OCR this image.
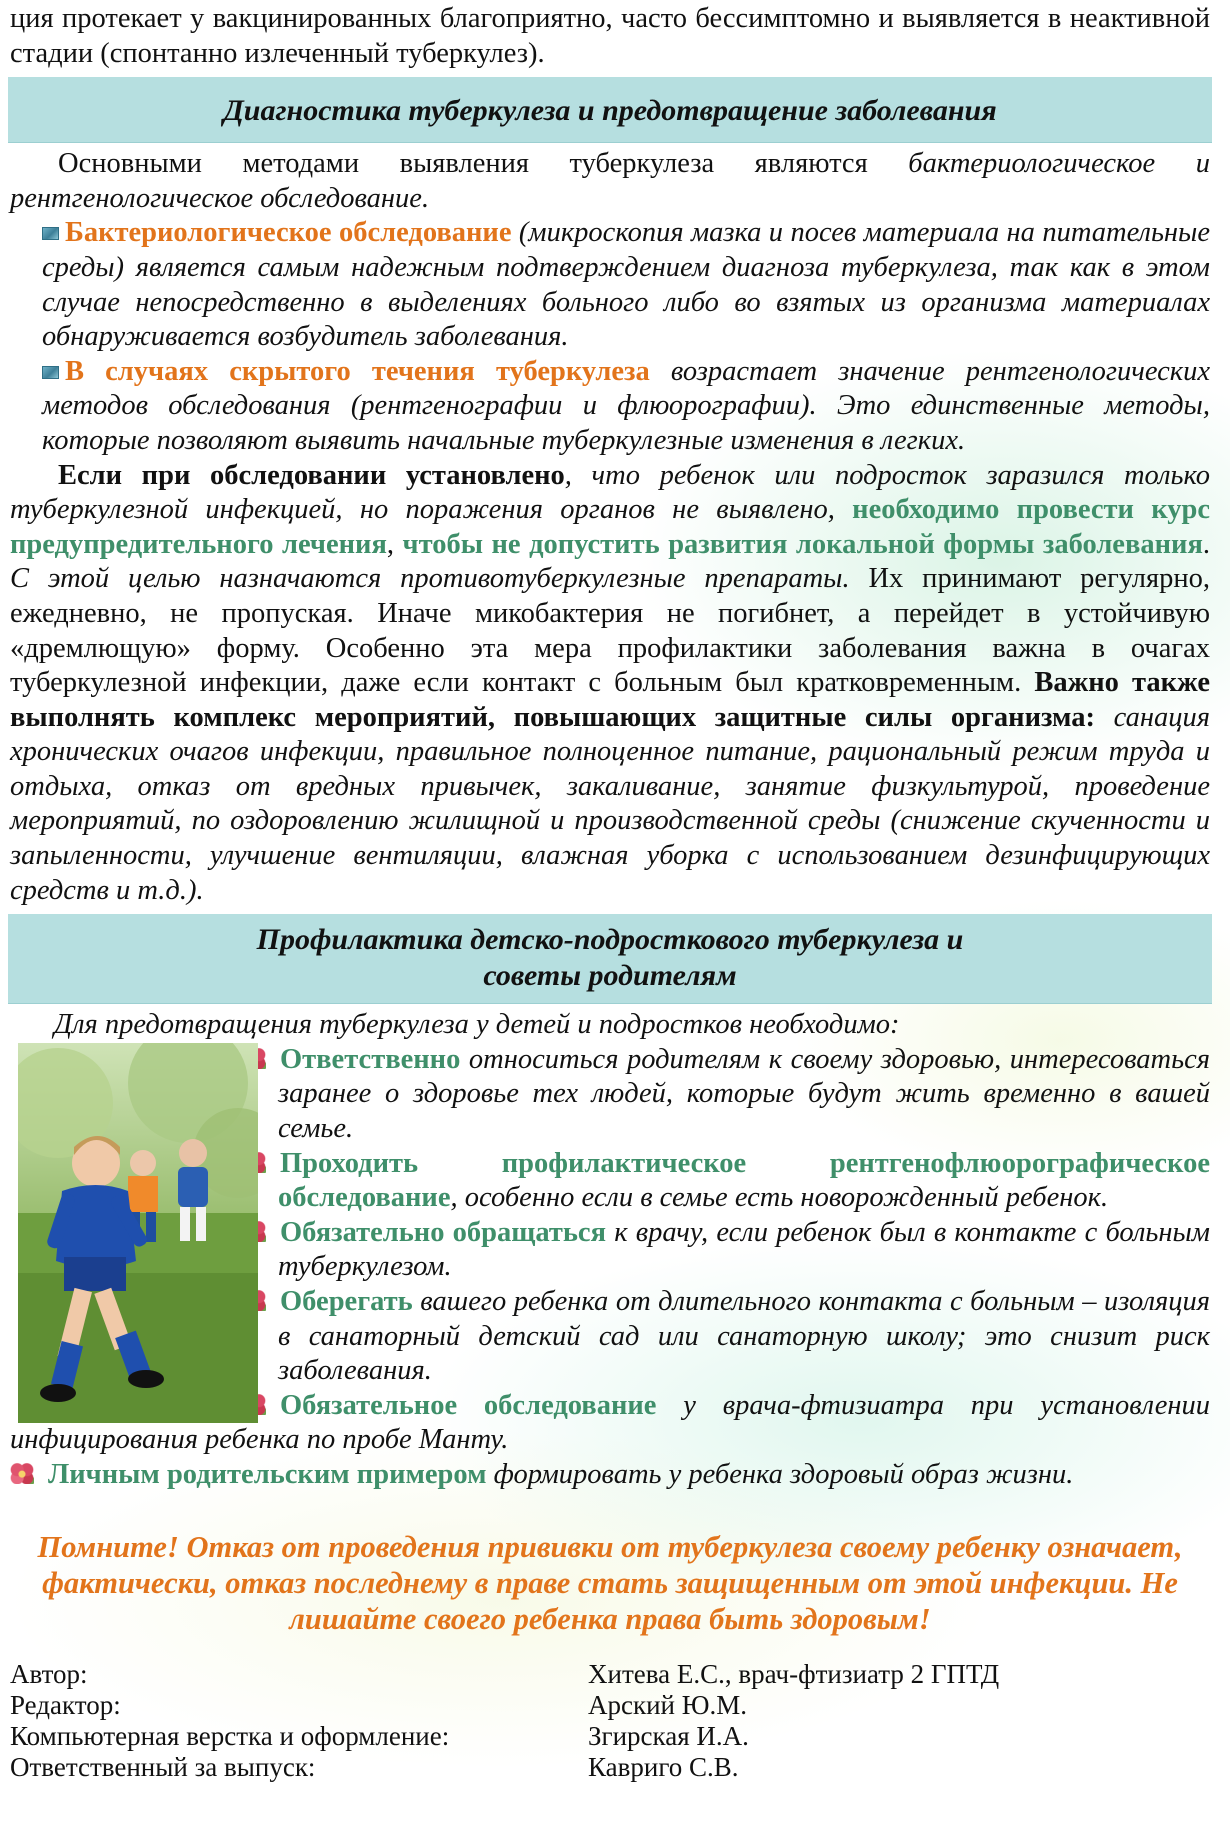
ция протекает у вакцинированных благоприятно, часто бессимптомно и выявляется в неактивной стадии (спонтанно излеченный туберкулез).

Диагностика туберкулеза и предотвращение заболевания

Основными методами выявления туберкулеза являются бактериологическое и рентгенологическое обследование.

Бактериологическое обследование (микроскопия мазка и посев материала на питательные среды) является самым надежным подтверждением диагноза туберкулеза, так как в этом случае непосредственно в выделениях больного либо во взятых из организма материалах обнаруживается возбудитель заболевания.

В случаях скрытого течения туберкулеза возрастает значение рентгенологических методов обследования (рентгенографии и флюорографии). Это единственные методы, которые позволяют выявить начальные туберкулезные изменения в легких.

Если при обследовании установлено, что ребенок или подросток заразился только туберкулезной инфекцией, но поражения органов не выявлено, необходимо провести курс предупредительного лечения, чтобы не допустить развития локальной формы заболевания. С этой целью назначаются противотуберкулезные препараты. Их принимают регулярно, ежедневно, не пропуская. Иначе микобактерия не погибнет, а перейдет в устойчивую «дремлющую» форму. Особенно эта мера профилактики заболевания важна в очагах туберкулезной инфекции, даже если контакт с больным был кратковременным. Важно также выполнять комплекс мероприятий, повышающих защитные силы организма: санация хронических очагов инфекции, правильное полноценное питание, рациональный режим труда и отдыха, отказ от вредных привычек, закаливание, занятие физкультурой, проведение мероприятий, по оздоровлению жилищной и производственной среды (снижение скученности и запыленности, улучшение вентиляции, влажная уборка с использованием дезинфицирующих средств и т.д.).

Профилактика детско-подросткового туберкулеза и
советы родителям

Для предотвращения туберкулеза у детей и подростков необходимо:

Ответственно относиться родителям к своему здоровью, интересоваться заранее о здоровье тех людей, которые будут жить временно в вашей семье.
Проходить профилактическое рентгенофлюорографическое обследование, особенно если в семье есть новорожденный ребенок.
Обязательно обращаться к врачу, если ребенок был в контакте с больным туберкулезом.
Оберегать вашего ребенка от длительного контакта с больным – изоляция в санаторный детский сад или санаторную школу; это снизит риск заболевания.
Обязательное обследование у врача-фтизиатра при установлении инфицирования ребенка по пробе Манту.
Личным родительским примером формировать у ребенка здоровый образ жизни.

Помните! Отказ от проведения прививки от туберкулеза своему ребенку означает, фактически, отказ последнему в праве стать защищенным от этой инфекции. Не лишайте своего ребенка права быть здоровым!

Автор:	Хитева Е.С., врач-фтизиатр 2 ГПТД
Редактор:	Арский Ю.М.
Компьютерная верстка и оформление:	Згирская И.А.
Ответственный за выпуск:	Кавриго С.В.
